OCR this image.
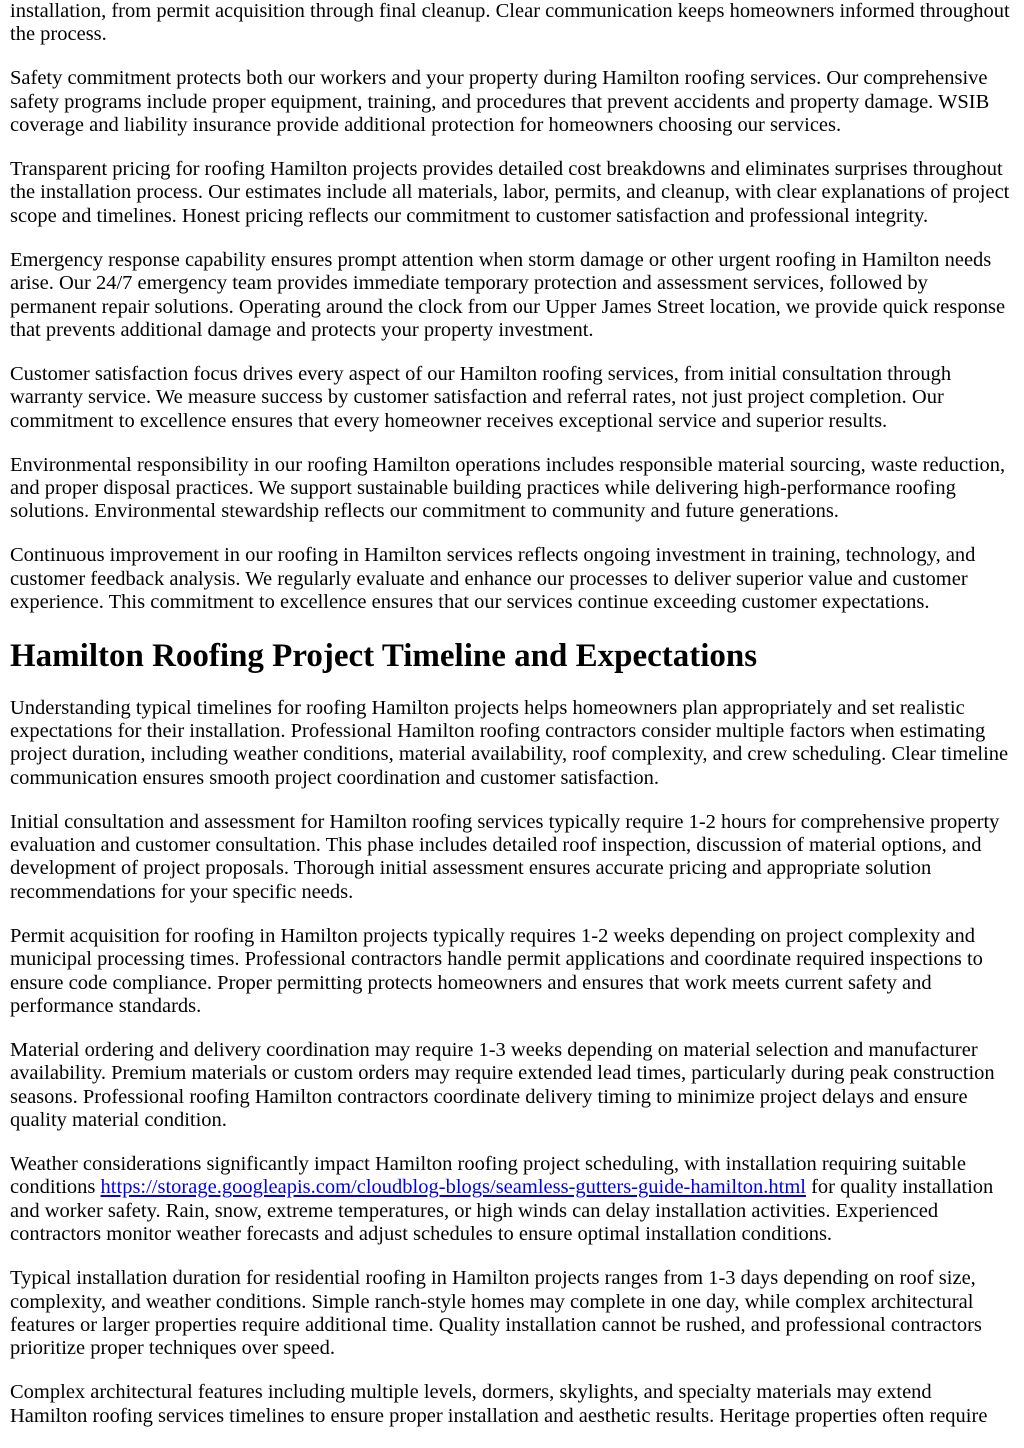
installation, from permit acquisition through final cleanup. Clear communication keeps homeowners informed throughout the process.

Safety commitment protects both our workers and your property during Hamilton roofing services. Our comprehensive safety programs include proper equipment, training, and procedures that prevent accidents and property damage. WSIB coverage and liability insurance provide additional protection for homeowners choosing our services.

Transparent pricing for roofing Hamilton projects provides detailed cost breakdowns and eliminates surprises throughout the installation process. Our estimates include all materials, labor, permits, and cleanup, with clear explanations of project scope and timelines. Honest pricing reflects our commitment to customer satisfaction and professional integrity.

Emergency response capability ensures prompt attention when storm damage or other urgent roofing in Hamilton needs arise. Our 24/7 emergency team provides immediate temporary protection and assessment services, followed by permanent repair solutions. Operating around the clock from our Upper James Street location, we provide quick response that prevents additional damage and protects your property investment.

Customer satisfaction focus drives every aspect of our Hamilton roofing services, from initial consultation through warranty service. We measure success by customer satisfaction and referral rates, not just project completion. Our commitment to excellence ensures that every homeowner receives exceptional service and superior results.

Environmental responsibility in our roofing Hamilton operations includes responsible material sourcing, waste reduction, and proper disposal practices. We support sustainable building practices while delivering high-performance roofing solutions. Environmental stewardship reflects our commitment to community and future generations.

Continuous improvement in our roofing in Hamilton services reflects ongoing investment in training, technology, and customer feedback analysis. We regularly evaluate and enhance our processes to deliver superior value and customer experience. This commitment to excellence ensures that our services continue exceeding customer expectations.

Hamilton Roofing Project Timeline and Expectations

Understanding typical timelines for roofing Hamilton projects helps homeowners plan appropriately and set realistic expectations for their installation. Professional Hamilton roofing contractors consider multiple factors when estimating project duration, including weather conditions, material availability, roof complexity, and crew scheduling. Clear timeline communication ensures smooth project coordination and customer satisfaction.

Initial consultation and assessment for Hamilton roofing services typically require 1-2 hours for comprehensive property evaluation and customer consultation. This phase includes detailed roof inspection, discussion of material options, and development of project proposals. Thorough initial assessment ensures accurate pricing and appropriate solution recommendations for your specific needs.

Permit acquisition for roofing in Hamilton projects typically requires 1-2 weeks depending on project complexity and municipal processing times. Professional contractors handle permit applications and coordinate required inspections to ensure code compliance. Proper permitting protects homeowners and ensures that work meets current safety and performance standards.

Material ordering and delivery coordination may require 1-3 weeks depending on material selection and manufacturer availability. Premium materials or custom orders may require extended lead times, particularly during peak construction seasons. Professional roofing Hamilton contractors coordinate delivery timing to minimize project delays and ensure quality material condition.

Weather considerations significantly impact Hamilton roofing project scheduling, with installation requiring suitable conditions https://storage.googleapis.com/cloudblog-blogs/seamless-gutters-guide-hamilton.html for quality installation and worker safety. Rain, snow, extreme temperatures, or high winds can delay installation activities. Experienced contractors monitor weather forecasts and adjust schedules to ensure optimal installation conditions.

Typical installation duration for residential roofing in Hamilton projects ranges from 1-3 days depending on roof size, complexity, and weather conditions. Simple ranch-style homes may complete in one day, while complex architectural features or larger properties require additional time. Quality installation cannot be rushed, and professional contractors prioritize proper techniques over speed.

Complex architectural features including multiple levels, dormers, skylights, and specialty materials may extend Hamilton roofing services timelines to ensure proper installation and aesthetic results. Heritage properties often require
